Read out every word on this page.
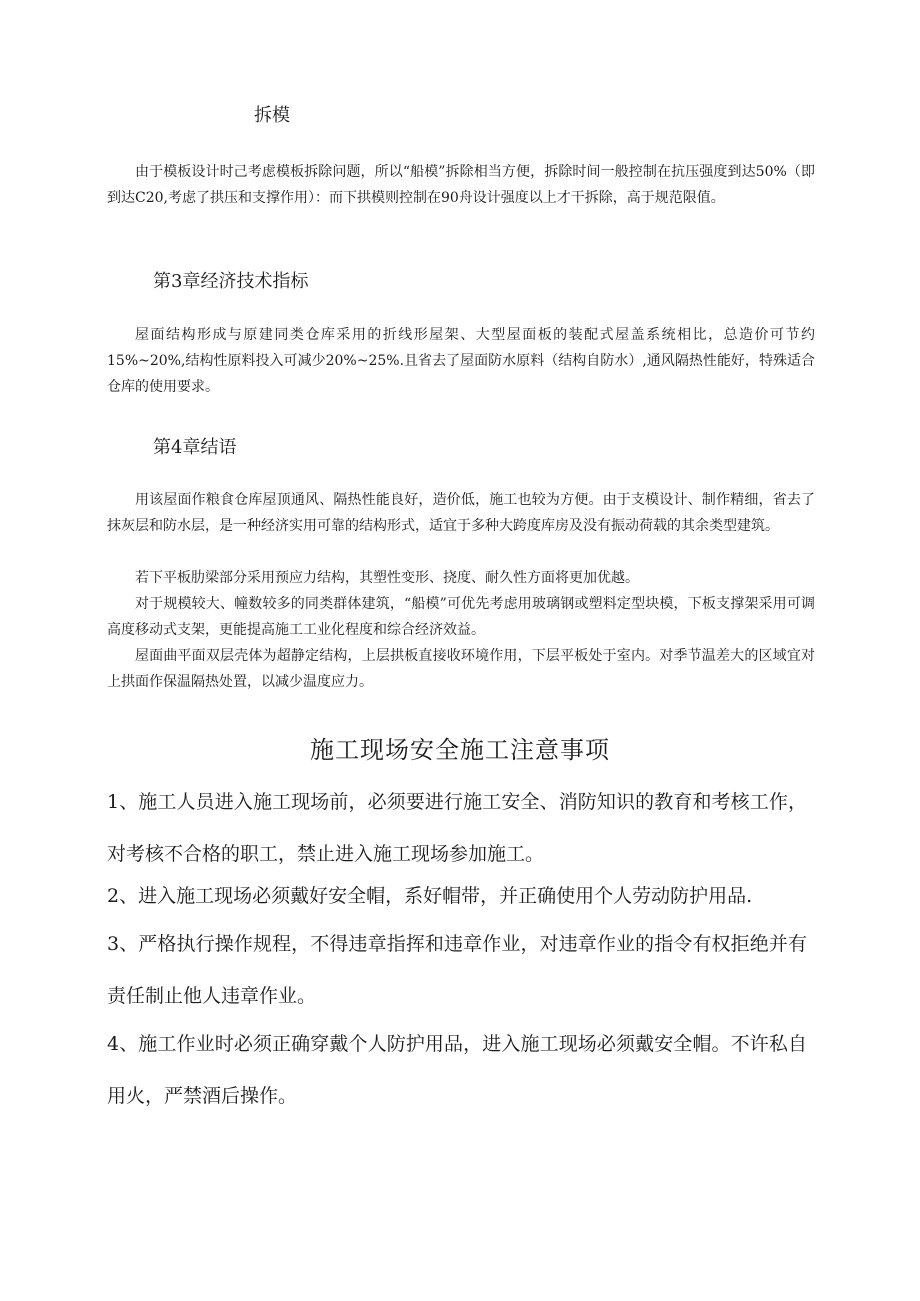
拆模

由于模板设计时己考虑模板拆除问题，所以“船模”拆除相当方便，拆除时间一般控制在抗压强度到达50%（即到达C20,考虑了拱压和支撑作用）：而下拱模则控制在90舟设计强度以上才干拆除，高于规范限值。

第3章经济技术指标

屋面结构形成与原建同类仓库采用的折线形屋架、大型屋面板的装配式屋盖系统相比，总造价可节约15%~20%,结构性原料投入可减少20%~25%.且省去了屋面防水原料（结构自防水）,通风隔热性能好，特殊适合仓库的使用要求。

第4章结语

用该屋面作粮食仓库屋顶通风、隔热性能良好，造价低，施工也较为方便。由于支模设计、制作精细，省去了抹灰层和防水层，是一种经济实用可靠的结构形式，适宜于多种大跨度库房及没有振动荷载的其余类型建筑。

若下平板肋梁部分采用预应力结构，其塑性变形、挠度、耐久性方面将更加优越。

对于规模较大、幢数较多的同类群体建筑，“船模”可优先考虑用玻璃钢或塑料定型块模，下板支撑架采用可调高度移动式支架，更能提高施工工业化程度和综合经济效益。

屋面曲平面双层壳体为超静定结构，上层拱板直接收环境作用，下层平板处于室内。对季节温差大的区域宜对上拱面作保温隔热处置，以减少温度应力。

施工现场安全施工注意事项

1、施工人员进入施工现场前，必须要进行施工安全、消防知识的教育和考核工作，对考核不合格的职工，禁止进入施工现场参加施工。

2、进入施工现场必须戴好安全帽，系好帽带，并正确使用个人劳动防护用品.

3、严格执行操作规程，不得违章指挥和违章作业，对违章作业的指令有权拒绝并有责任制止他人违章作业。

4、施工作业时必须正确穿戴个人防护用品，进入施工现场必须戴安全帽。不许私自用火，严禁酒后操作。
